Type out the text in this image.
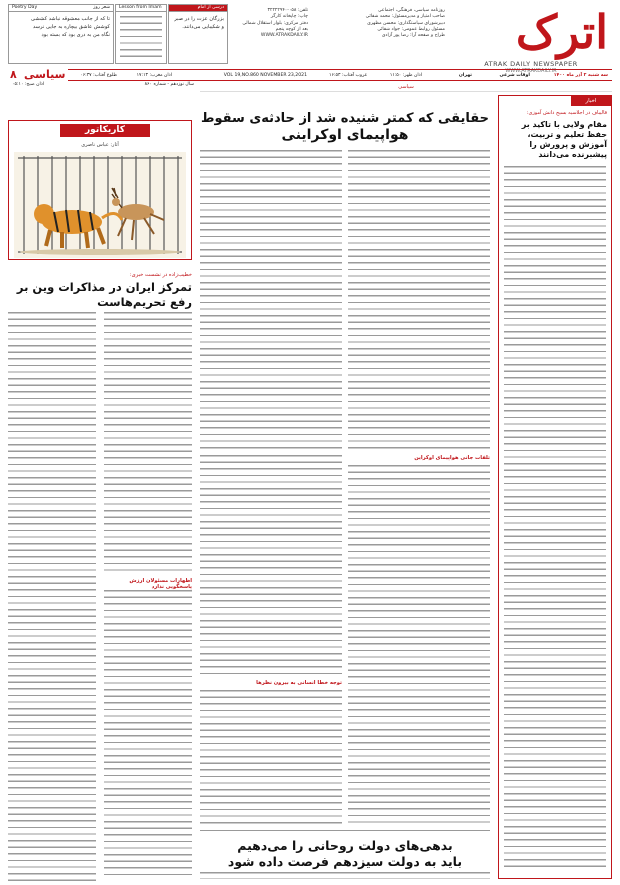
اترک
ATRAK DAILY NEWSPAPER
WWW.ATRAKDAILY.IR
روزنامه سیاسی، فرهنگی، اجتماعی
صاحب امتیاز و مدیرمسئول: محمد شفائی
دبیرشورای سیاستگذاری: محسن مظهری
مسئول روابط عمومی: جواد شفائی
طراح و صفحه آرا: رضا پور آزادی
تلفن: ۰۵۸-۳۲۲۲۲۹۴۰
چاپ: چاپخانه کارگر
دفتر مرکزی: بلوار استقلال شمالی
بعد از کوچه پنجم
WWW.ATRAKDAILY.IR
درسی از امام
بزرگان عزت را در صبر و شکیبایی می‌دانند.
Lesson from Imam
Poetry Day	شعر روز
تا که از جانب معشوقه نباشد کششی
کوشش عاشق بیچاره به جایی نرسد
نگاه من به دری بود که بسته بود
سه شنبه ۲ آذر ماه ۱۴۰۰
اوقات شرعی
تهران
اذان ظهر: ۱۱:۵۰
غروب آفتاب: ۱۶:۵۳
VOL 19,NO.860 NOVEMBER 23,2021
اذان مغرب: ۱۷:۱۳
طلوع آفتاب: ۰۶:۳۷
سال نوزدهم - شماره ۸۶۰
اذان صبح: ۰۵:۱۰
سیاسی
۸
سیاسی
اخبار
قالیباف در اجلاسیه بسیج دانش آموزی:
مقام ولایی با تاکید بر حفظ تعلیم و تربیت، آموزش و پرورش را پیشبرنده می‌دانند
حقایقی که کمتر شنیده شد از حادثه‌ی سقوط
هواپیمای اوکراینی
تلفات جانی هواپیمای اوکراین
توجه خطا انسانی به بیرون نظرها
بدهی‌های دولت روحانی را می‌دهیم
باید به دولت سیزدهم فرصت داده شود
کاریکاتور
آثار: عباس ناصری
خطیب‌زاده در نشست خبری:
تمرکز ایران در مذاکرات وین بر رفع تحریم‌هاست
اظهارات مسئولان ارزش پاسخگویی ندارد
